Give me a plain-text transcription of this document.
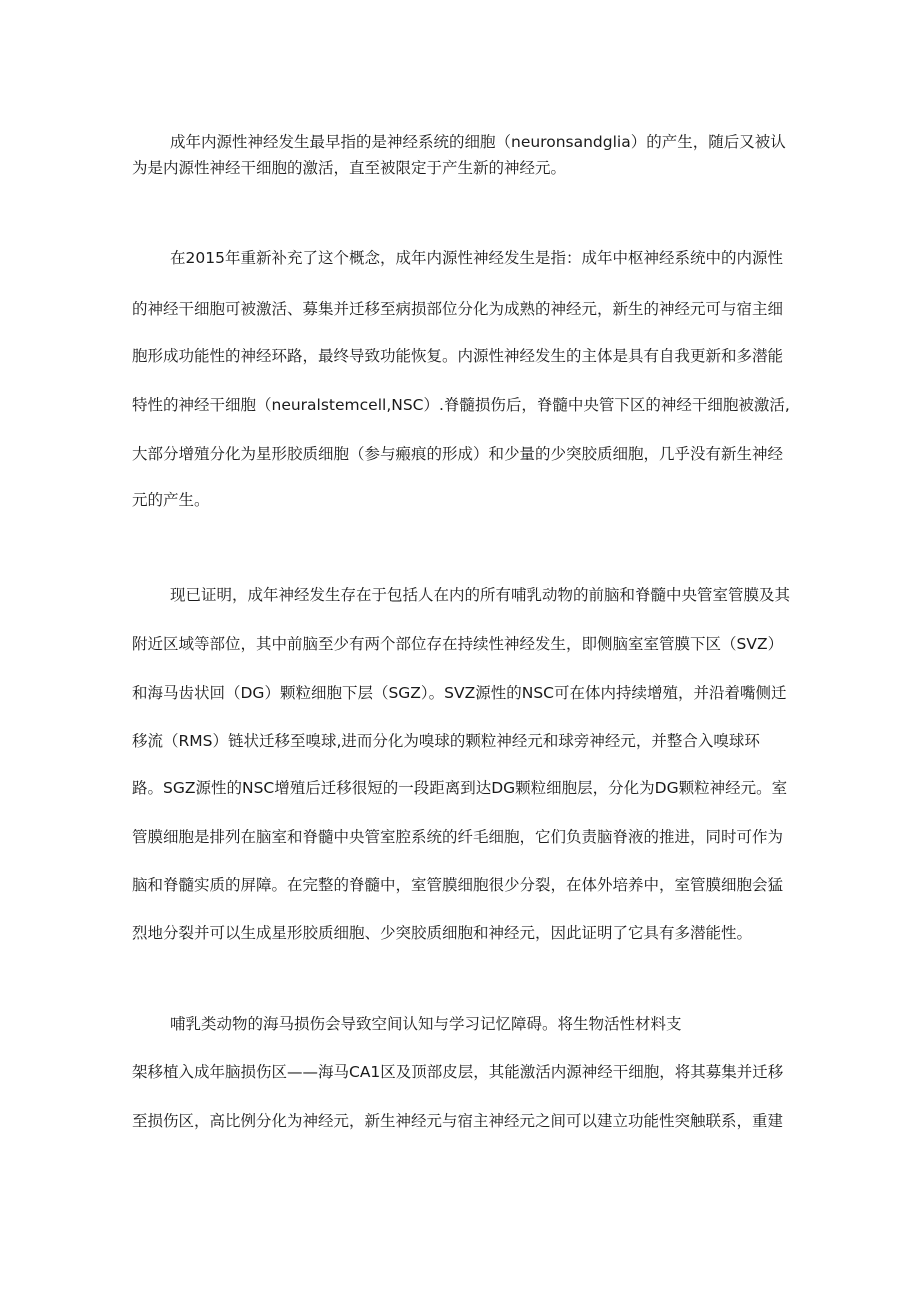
成年内源性神经发生最早指的是神经系统的细胞（neuronsandglia）的产生，随后又被认

为是内源性神经干细胞的激活，直至被限定于产生新的神经元。

在2015年重新补充了这个概念，成年内源性神经发生是指：成年中枢神经系统中的内源性

的神经干细胞可被激活、募集并迁移至病损部位分化为成熟的神经元，新生的神经元可与宿主细

胞形成功能性的神经环路，最终导致功能恢复。内源性神经发生的主体是具有自我更新和多潜能

特性的神经干细胞（neuralstemcell,NSC）.脊髓损伤后，脊髓中央管下区的神经干细胞被激活,

大部分增殖分化为星形胶质细胞（参与瘢痕的形成）和少量的少突胶质细胞，几乎没有新生神经

元的产生。

现已证明，成年神经发生存在于包括人在内的所有哺乳动物的前脑和脊髓中央管室管膜及其

附近区域等部位，其中前脑至少有两个部位存在持续性神经发生，即侧脑室室管膜下区（SVZ）

和海马齿状回（DG）颗粒细胞下层（SGZ）。SVZ源性的NSC可在体内持续增殖，并沿着嘴侧迁

移流（RMS）链状迁移至嗅球,进而分化为嗅球的颗粒神经元和球旁神经元，并整合入嗅球环

路。SGZ源性的NSC增殖后迁移很短的一段距离到达DG颗粒细胞层，分化为DG颗粒神经元。室

管膜细胞是排列在脑室和脊髓中央管室腔系统的纤毛细胞，它们负责脑脊液的推进，同时可作为

脑和脊髓实质的屏障。在完整的脊髓中，室管膜细胞很少分裂，在体外培养中，室管膜细胞会猛

烈地分裂并可以生成星形胶质细胞、少突胶质细胞和神经元，因此证明了它具有多潜能性。

哺乳类动物的海马损伤会导致空间认知与学习记忆障碍。将生物活性材料支

架移植入成年脑损伤区——海马CA1区及顶部皮层，其能激活内源神经干细胞，将其募集并迁移

至损伤区，高比例分化为神经元，新生神经元与宿主神经元之间可以建立功能性突触联系，重建
